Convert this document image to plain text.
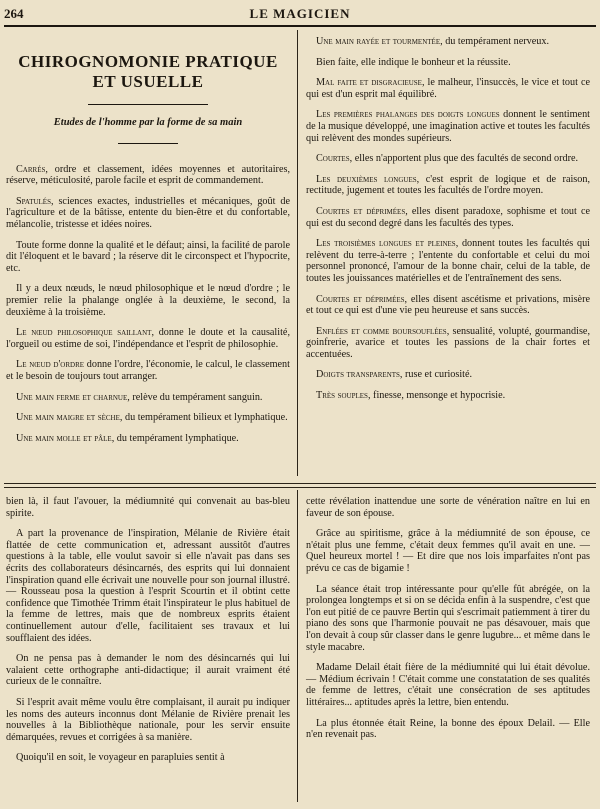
264	LE MAGICIEN
CHIROGNOMONIE PRATIQUE ET USUELLE
Etudes de l'homme par la forme de sa main

Carrés, ordre et classement, idées moyennes et autoritaires, réserve, méticulosité, parole facile et esprit de commandement.

Spatulés, sciences exactes, industrielles et mécaniques, goût de l'agriculture et de la bâtisse, entente du bien-être et du confortable, mélancolie, tristesse et idées noires.

Toute forme donne la qualité et le défaut; ainsi, la facilité de parole dit l'éloquent et le bavard ; la réserve dit le circonspect et l'hypocrite, etc.

Il y a deux nœuds, le nœud philosophique et le nœud d'ordre ; le premier relie la phalange onglée à la deuxième, le second, la deuxième à la troisième.

Le nœud philosophique saillant, donne le doute et la causalité, l'orgueil ou estime de soi, l'indépendance et l'esprit de philosophie.

Le nœud d'ordre donne l'ordre, l'économie, le calcul, le classement et le besoin de toujours tout arranger.

Une main ferme et charnue, relève du tempérament sanguin.

Une main maigre et sèche, du tempérament bilieux et lymphatique.

Une main molle et pâle, du tempérament lymphatique.

Une main rayée et tourmentée, du tempérament nerveux.

Bien faite, elle indique le bonheur et la réussite.

Mal faite et disgracieuse, le malheur, l'insuccès, le vice et tout ce qui est d'un esprit mal équilibré.

Les premières phalanges des doigts longues donnent le sentiment de la musique développé, une imagination active et toutes les facultés qui relèvent des mondes supérieurs.

Courtes, elles n'apportent plus que des facultés de second ordre.

Les deuxièmes longues, c'est esprit de logique et de raison, rectitude, jugement et toutes les facultés de l'ordre moyen.

Courtes et déprimées, elles disent paradoxe, sophisme et tout ce qui est du second degré dans les facultés des types.

Les troisièmes longues et pleines, donnent toutes les facultés qui relèvent du terre-à-terre ; l'entente du confortable et celui du moi personnel prononcé, l'amour de la bonne chair, celui de la table, de toutes les jouissances matérielles et de l'entraînement des sens.

Courtes et déprimées, elles disent ascétisme et privations, misère et tout ce qui est d'une vie peu heureuse et sans succès.

Enflées et comme boursouflées, sensualité, volupté, gourmandise, goinfrerie, avarice et toutes les passions de la chair fortes et accentuées.

Doigts transparents, ruse et curiosité.

Très souples, finesse, mensonge et hypocrisie.

bien là, il faut l'avouer, la médiumnité qui convenait au bas-bleu spirite.

A part la provenance de l'inspiration, Mélanie de Rivière était flattée de cette communication et, adressant aussitôt d'autres questions à la table, elle voulut savoir si elle n'avait pas dans ses écrits des collaborateurs désincarnés, des esprits qui lui donnaient l'inspiration quand elle écrivait une nouvelle pour son journal illustré. — Rousseau posa la question à l'esprit Scourtin et il obtint cette confidence que Timothée Trimm était l'inspirateur le plus habituel de la femme de lettres, mais que de nombreux esprits étaient continuellement autour d'elle, facilitaient ses travaux et lui soufflaient des idées.

On ne pensa pas à demander le nom des désincarnés qui lui valaient cette orthographe anti-didactique; il aurait vraiment été curieux de le connaître.

Si l'esprit avait même voulu être complaisant, il aurait pu indiquer les noms des auteurs inconnus dont Mélanie de Rivière prenait les nouvelles à la Bibliothèque nationale, pour les servir ensuite démarquées, revues et corrigées à sa manière.

Quoiqu'il en soit, le voyageur en parapluies sentit à

cette révélation inattendue une sorte de vénération naître en lui en faveur de son épouse.

Grâce au spiritisme, grâce à la médiumnité de son épouse, ce n'était plus une femme, c'était deux femmes qu'il avait en une. — Quel heureux mortel ! — Et dire que nos lois imparfaites n'ont pas prévu ce cas de bigamie !

La séance était trop intéressante pour qu'elle fût abrégée, on la prolongea longtemps et si on se décida enfin à la suspendre, c'est que l'on eut pitié de ce pauvre Bertin qui s'escrimait patiemment à tirer du piano des sons que l'harmonie pouvait ne pas désavouer, mais que l'on devait à coup sûr classer dans le genre lugubre... et même dans le style macabre.

Madame Delail était fière de la médiumnité qui lui était dévolue. — Médium écrivain ! C'était comme une constatation de ses qualités de femme de lettres, c'était une consécration de ses aptitudes littéraires... aptitudes après la lettre, bien entendu.

La plus étonnée était Reine, la bonne des époux Delail. — Elle n'en revenait pas.
